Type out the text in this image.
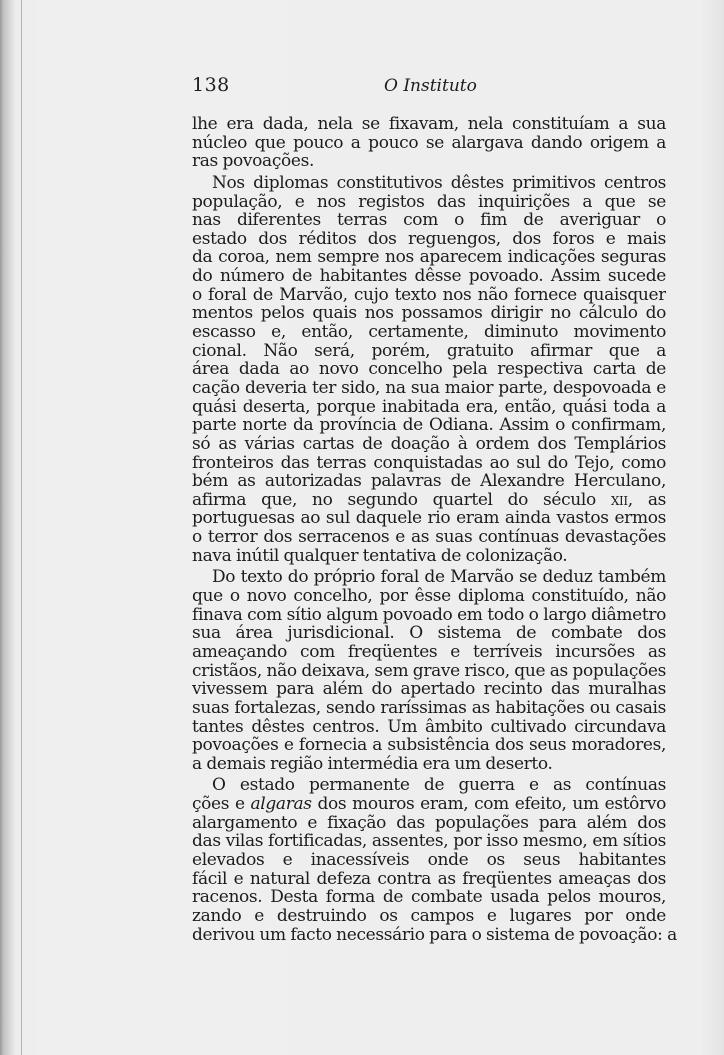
138	O Instituto
lhe era dada, nela se fixavam, nela constituíam a sua
núcleo que pouco a pouco se alargava dando origem a
ras povoações.
Nos diplomas constitutivos dêstes primitivos centros
população, e nos registos das inquirições a que se
nas diferentes terras com o fim de averiguar o
estado dos réditos dos reguengos, dos foros e mais
da coroa, nem sempre nos aparecem indicações seguras
do número de habitantes dêsse povoado. Assim sucede
o foral de Marvão, cujo texto nos não fornece quaisquer
mentos pelos quais nos possamos dirigir no cálculo do
escasso e, então, certamente, diminuto movimento
cional. Não será, porém, gratuito afirmar que a
área dada ao novo concelho pela respectiva carta de
cação deveria ter sido, na sua maior parte, despovoada e
quási deserta, porque inabitada era, então, quási toda a
parte norte da província de Odiana. Assim o confirmam,
só as várias cartas de doação à ordem dos Templários
fronteiros das terras conquistadas ao sul do Tejo, como
bém as autorizadas palavras de Alexandre Herculano,
afirma que, no segundo quartel do século xii, as
portuguesas ao sul daquele rio eram ainda vastos ermos
o terror dos serracenos e as suas contínuas devastações
nava inútil qualquer tentativa de colonização.
Do texto do próprio foral de Marvão se deduz também
que o novo concelho, por êsse diploma constituído, não
finava com sítio algum povoado em todo o largo diâmetro
sua área jurisdicional. O sistema de combate dos
ameaçando com freqüentes e terríveis incursões as
cristãos, não deixava, sem grave risco, que as populações
vivessem para além do apertado recinto das muralhas
suas fortalezas, sendo raríssimas as habitações ou casais
tantes dêstes centros. Um âmbito cultivado circundava
povoações e fornecia a subsistência dos seus moradores,
a demais região intermédia era um deserto.
O estado permanente de guerra e as contínuas
ções e algaras dos mouros eram, com efeito, um estôrvo
alargamento e fixação das populações para além dos
das vilas fortificadas, assentes, por isso mesmo, em sítios
elevados e inacessíveis onde os seus habitantes
fácil e natural defeza contra as freqüentes ameaças dos
racenos. Desta forma de combate usada pelos mouros,
zando e destruindo os campos e lugares por onde
derivou um facto necessário para o sistema de povoação: a
